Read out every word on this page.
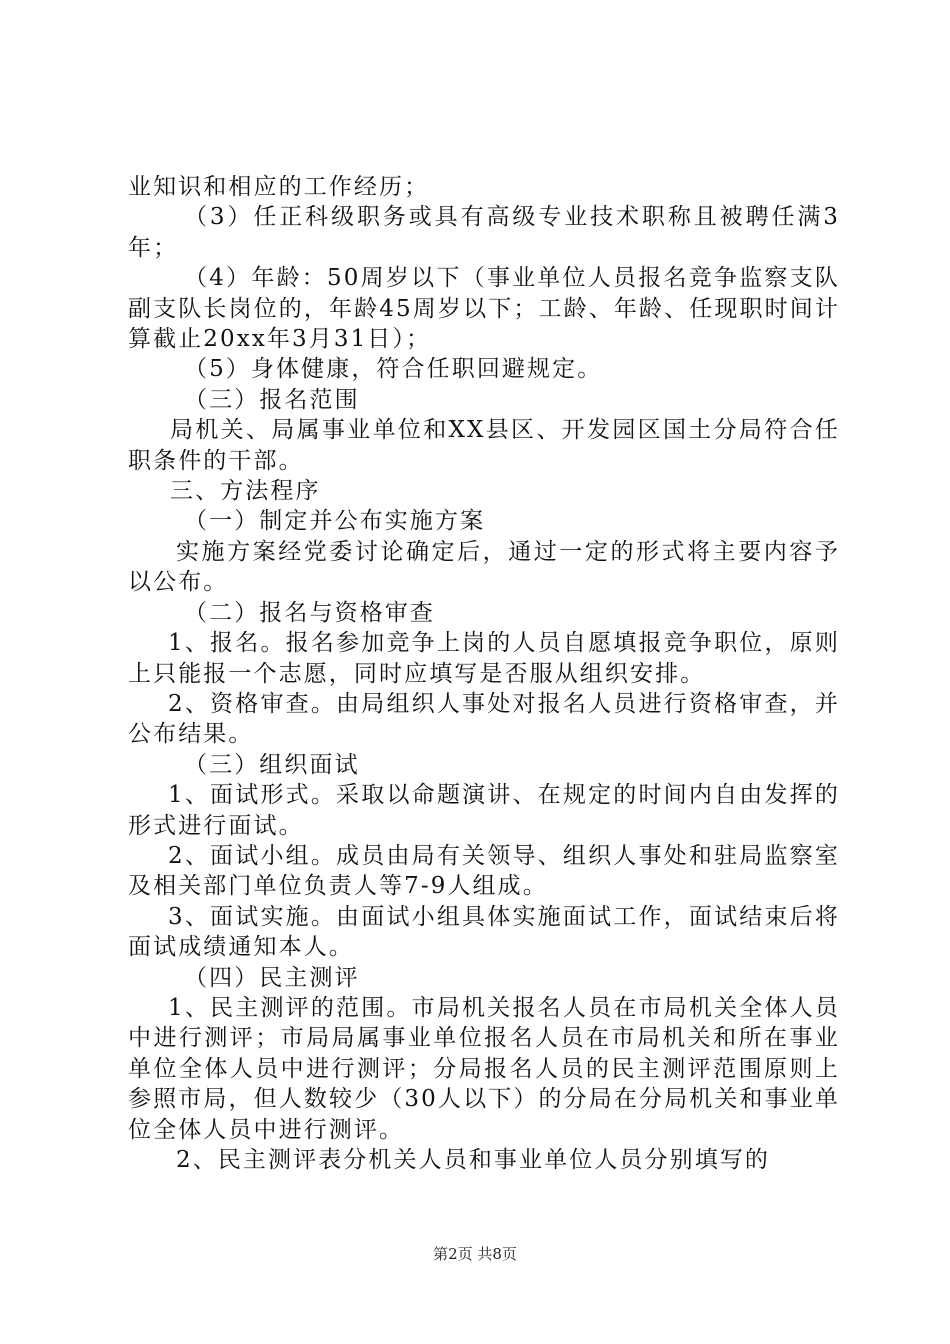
业知识和相应的工作经历；

（3）任正科级职务或具有高级专业技术职称且被聘任满3年；

（4）年龄：50周岁以下（事业单位人员报名竞争监察支队副支队长岗位的，年龄45周岁以下；工龄、年龄、任现职时间计算截止20xx年3月31日）；

（5）身体健康，符合任职回避规定。

（三）报名范围

局机关、局属事业单位和XX县区、开发园区国土分局符合任职条件的干部。

三、方法程序

（一）制定并公布实施方案

实施方案经党委讨论确定后，通过一定的形式将主要内容予以公布。

（二）报名与资格审查

1、报名。报名参加竞争上岗的人员自愿填报竞争职位，原则上只能报一个志愿，同时应填写是否服从组织安排。

2、资格审查。由局组织人事处对报名人员进行资格审查，并公布结果。

（三）组织面试

1、面试形式。采取以命题演讲、在规定的时间内自由发挥的形式进行面试。

2、面试小组。成员由局有关领导、组织人事处和驻局监察室及相关部门单位负责人等7-9人组成。

3、面试实施。由面试小组具体实施面试工作，面试结束后将面试成绩通知本人。

（四）民主测评

1、民主测评的范围。市局机关报名人员在市局机关全体人员中进行测评；市局局属事业单位报名人员在市局机关和所在事业单位全体人员中进行测评；分局报名人员的民主测评范围原则上参照市局，但人数较少（30人以下）的分局在分局机关和事业单位全体人员中进行测评。

2、民主测评表分机关人员和事业单位人员分别填写的

第2页 共8页
